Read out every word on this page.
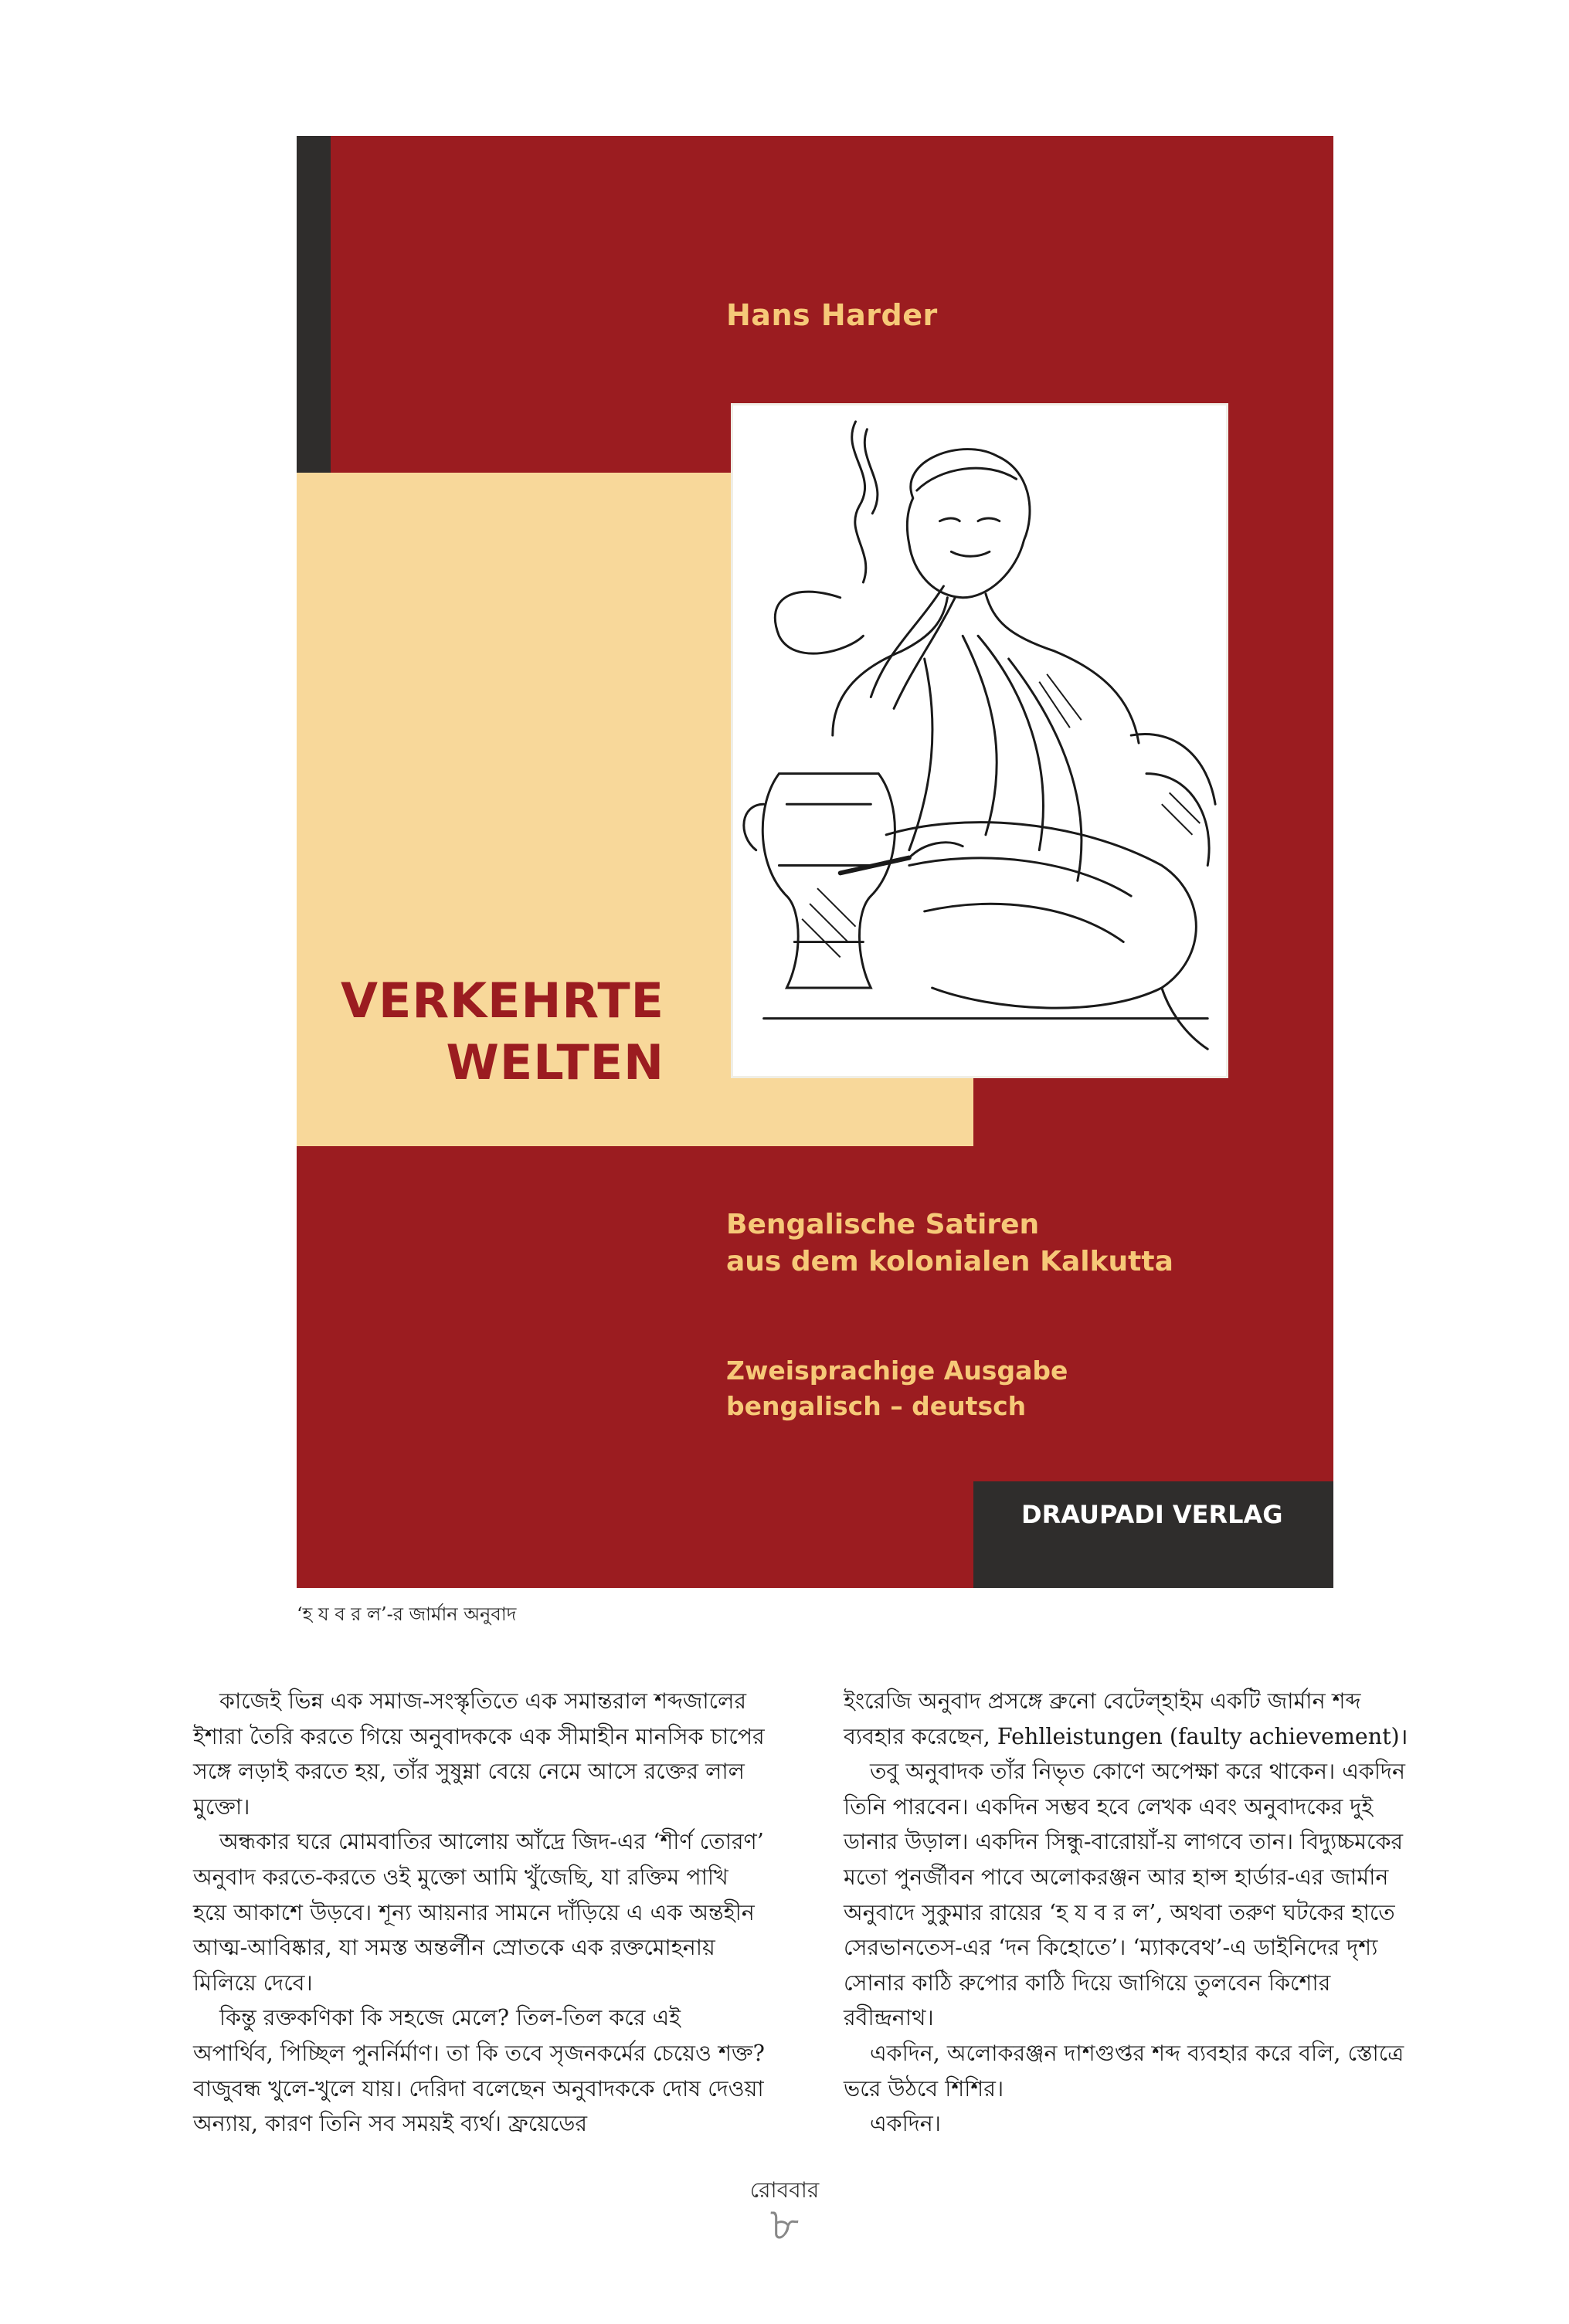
Hans Harder
VERKEHRTE
WELTEN
Bengalische Satiren
aus dem kolonialen Kalkutta
Zweisprachige Ausgabe
bengalisch – deutsch
DRAUPADI VERLAG
‘হ য ব র ল’-র জার্মান অনুবাদ

কাজেই ভিন্ন এক সমাজ-সংস্কৃতিতে এক সমান্তরাল শব্দজালের ইশারা তৈরি করতে গিয়ে অনুবাদককে এক সীমাহীন মানসিক চাপের সঙ্গে লড়াই করতে হয়, তাঁর সুষুম্না বেয়ে নেমে আসে রক্তের লাল মুক্তো।

অন্ধকার ঘরে মোমবাতির আলোয় আঁদ্রে জিদ-এর ‘শীর্ণ তোরণ’ অনুবাদ করতে-করতে ওই মুক্তো আমি খুঁজেছি, যা রক্তিম পাখি হয়ে আকাশে উড়বে। শূন্য আয়নার সামনে দাঁড়িয়ে এ এক অন্তহীন আত্ম-আবিষ্কার, যা সমস্ত অন্তর্লীন স্রোতকে এক রক্তমোহনায় মিলিয়ে দেবে।

কিন্তু রক্তকণিকা কি সহজে মেলে? তিল-তিল করে এই অপার্থিব, পিচ্ছিল পুনর্নির্মাণ। তা কি তবে সৃজনকর্মের চেয়েও শক্ত? বাজুবন্ধ খুলে-খুলে যায়। দেরিদা বলেছেন অনুবাদককে দোষ দেওয়া অন্যায়, কারণ তিনি সব সময়ই ব্যর্থ। ফ্রয়েডের

ইংরেজি অনুবাদ প্রসঙ্গে ব্রুনো বেটেল্‌হাইম একটি জার্মান শব্দ ব্যবহার করেছেন, Fehlleistungen (faulty achievement)।

তবু অনুবাদক তাঁর নিভৃত কোণে অপেক্ষা করে থাকেন। একদিন তিনি পারবেন। একদিন সম্ভব হবে লেখক এবং অনুবাদকের দুই ডানার উড়াল। একদিন সিন্ধু-বারোয়াঁ-য় লাগবে তান। বিদ্যুচ্চমকের মতো পুনর্জীবন পাবে অলোকরঞ্জন আর হান্স হার্ডার-এর জার্মান অনুবাদে সুকুমার রায়ের ‘হ য ব র ল’, অথবা তরুণ ঘটকের হাতে সেরভানতেস-এর ‘দন কিহোতে’। ‘ম্যাকবেথ’-এ ডাইনিদের দৃশ্য সোনার কাঠি রুপোর কাঠি দিয়ে জাগিয়ে তুলবেন কিশোর রবীন্দ্রনাথ।

একদিন, অলোকরঞ্জন দাশগুপ্তর শব্দ ব্যবহার করে বলি, স্তোত্রে ভরে উঠবে শিশির।

একদিন।

রোববার
৮
